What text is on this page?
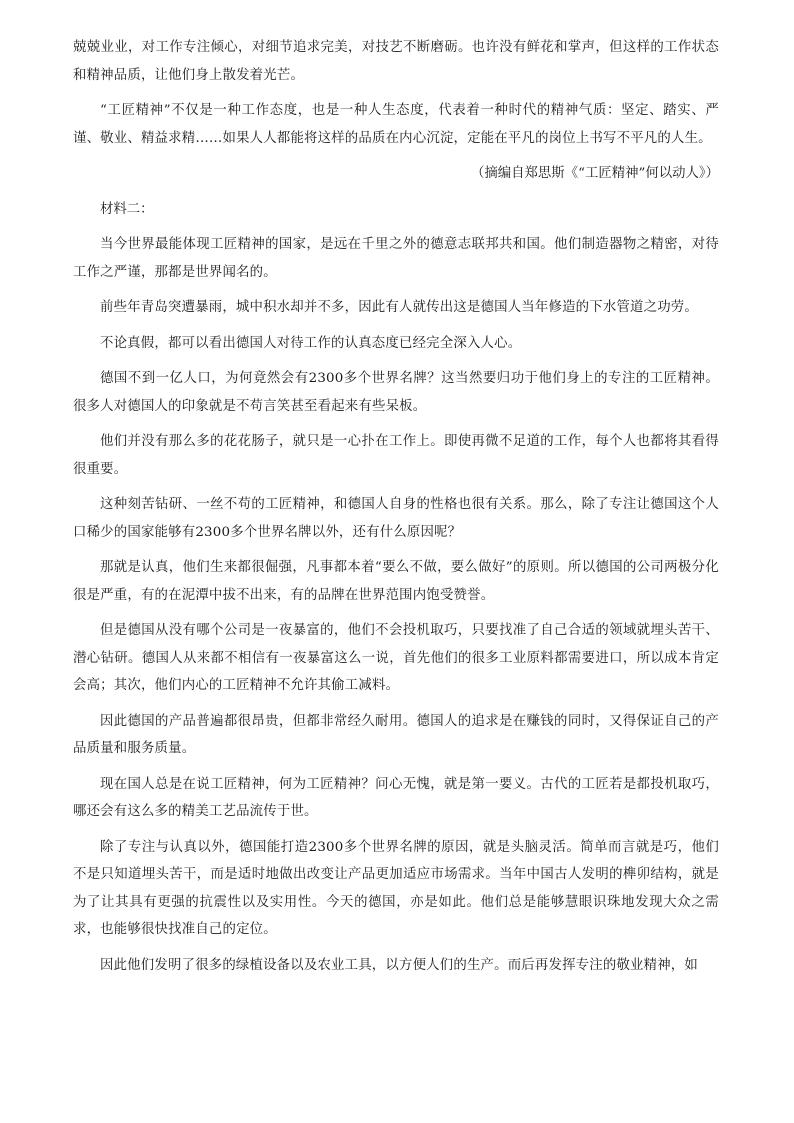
兢兢业业，对工作专注倾心，对细节追求完美，对技艺不断磨砺。也许没有鲜花和掌声，但这样的工作状态和精神品质，让他们身上散发着光芒。

“工匠精神”不仅是一种工作态度，也是一种人生态度，代表着一种时代的精神气质：坚定、踏实、严谨、敬业、精益求精……如果人人都能将这样的品质在内心沉淀，定能在平凡的岗位上书写不平凡的人生。

（摘编自郑思斯《“工匠精神”何以动人》）

材料二：

当今世界最能体现工匠精神的国家，是远在千里之外的德意志联邦共和国。他们制造器物之精密，对待工作之严谨，那都是世界闻名的。

前些年青岛突遭暴雨，城中积水却并不多，因此有人就传出这是德国人当年修造的下水管道之功劳。

不论真假，都可以看出德国人对待工作的认真态度已经完全深入人心。

德国不到一亿人口，为何竟然会有2300多个世界名牌？这当然要归功于他们身上的专注的工匠精神。很多人对德国人的印象就是不苟言笑甚至看起来有些呆板。

他们并没有那么多的花花肠子，就只是一心扑在工作上。即使再微不足道的工作，每个人也都将其看得很重要。

这种刻苦钻研、一丝不苟的工匠精神，和德国人自身的性格也很有关系。那么，除了专注让德国这个人口稀少的国家能够有2300多个世界名牌以外，还有什么原因呢？

那就是认真，他们生来都很倔强，凡事都本着“要么不做，要么做好”的原则。所以德国的公司两极分化很是严重，有的在泥潭中拔不出来，有的品牌在世界范围内饱受赞誉。

但是德国从没有哪个公司是一夜暴富的，他们不会投机取巧，只要找准了自己合适的领域就埋头苦干、潜心钻研。德国人从来都不相信有一夜暴富这么一说，首先他们的很多工业原料都需要进口，所以成本肯定会高；其次，他们内心的工匠精神不允许其偷工减料。

因此德国的产品普遍都很昂贵，但都非常经久耐用。德国人的追求是在赚钱的同时，又得保证自己的产品质量和服务质量。

现在国人总是在说工匠精神，何为工匠精神？问心无愧，就是第一要义。古代的工匠若是都投机取巧，哪还会有这么多的精美工艺品流传于世。

除了专注与认真以外，德国能打造2300多个世界名牌的原因，就是头脑灵活。简单而言就是巧，他们不是只知道埋头苦干，而是适时地做出改变让产品更加适应市场需求。当年中国古人发明的榫卯结构，就是为了让其具有更强的抗震性以及实用性。今天的德国，亦是如此。他们总是能够慧眼识珠地发现大众之需求，也能够很快找准自己的定位。

因此他们发明了很多的绿植设备以及农业工具，以方便人们的生产。而后再发挥专注的敬业精神，如
